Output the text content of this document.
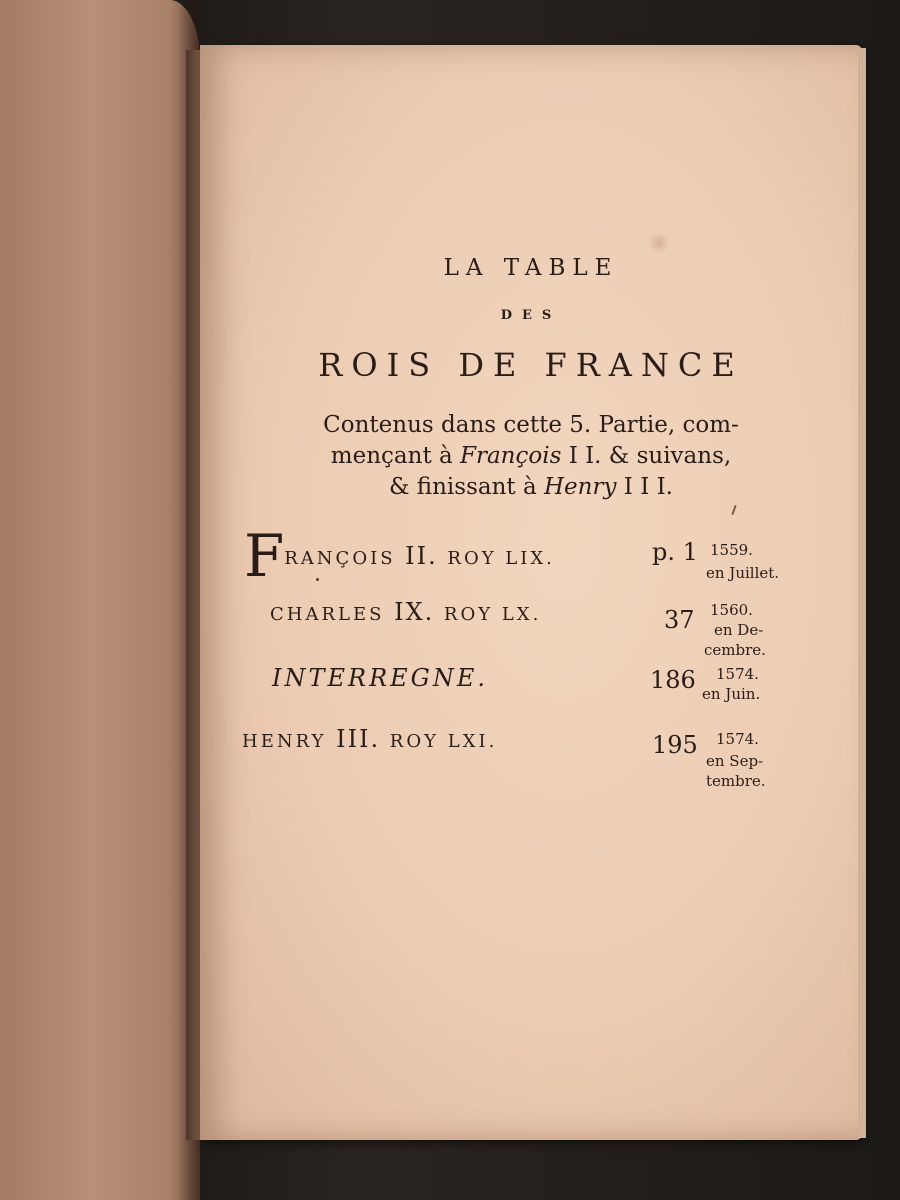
LA TABLE
DES
ROIS DE FRANCE
Contenus dans cette 5. Partie, com-
mençant à François I I. & suivans,
& finissant à Henry I I I.
FRANÇOIS II. ROY LIX.	p. 1 1559.
en Juillet.
CHARLES IX. ROY LX.	37 1560.
en De-
cembre.
INTERREGNE.	186 1574.
en Juin.
HENRY III. ROY LXI.	195 1574.
en Sep-
tembre.
